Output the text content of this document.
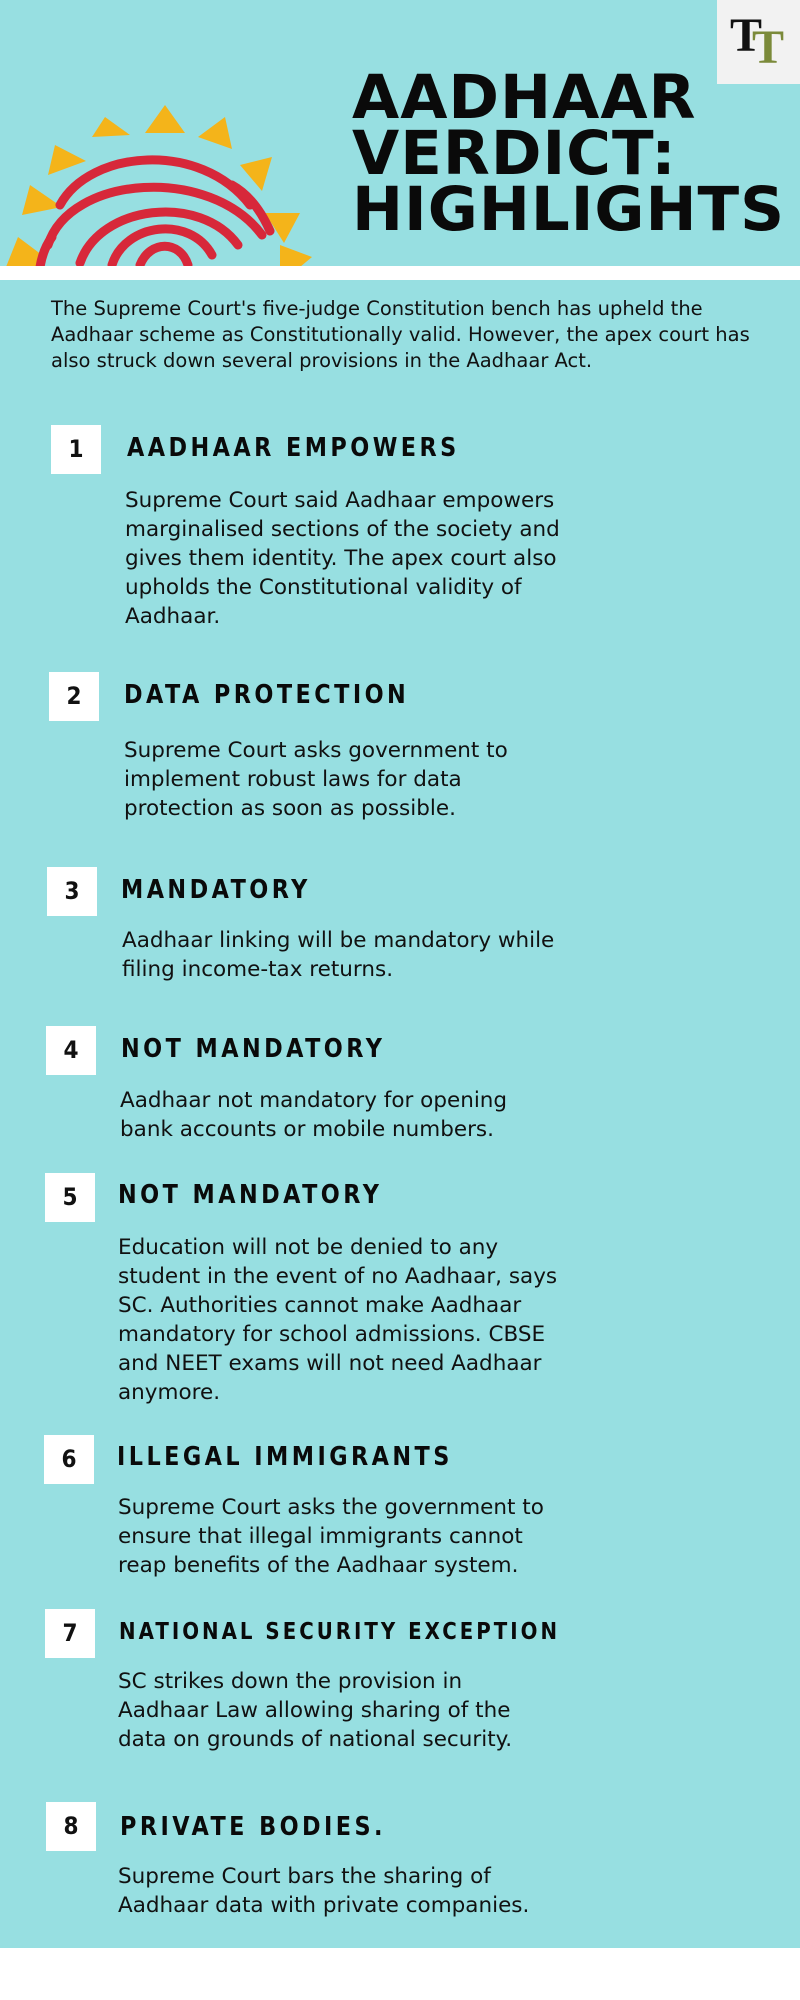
T
T
AADHAAR
VERDICT:
HIGHLIGHTS
The Supreme Court's five-judge Constitution bench has upheld the Aadhaar scheme as Constitutionally valid. However, the apex court has also struck down several provisions in the Aadhaar Act.
1	AADHAAR EMPOWERS
Supreme Court said Aadhaar empowers marginalised sections of the society and gives them identity. The apex court also upholds the Constitutional validity of Aadhaar.
2	DATA PROTECTION
Supreme Court asks government to implement robust laws for data protection as soon as possible.
3	MANDATORY
Aadhaar linking will be mandatory while filing income-tax returns.
4	NOT MANDATORY
Aadhaar not mandatory for opening bank accounts or mobile numbers.
5	NOT MANDATORY
Education will not be denied to any student in the event of no Aadhaar, says SC. Authorities cannot make Aadhaar mandatory for school admissions. CBSE and NEET exams will not need Aadhaar anymore.
6	ILLEGAL IMMIGRANTS
Supreme Court asks the government to ensure that illegal immigrants cannot reap benefits of the Aadhaar system.
7	NATIONAL SECURITY EXCEPTION
SC strikes down the provision in Aadhaar Law allowing sharing of the data on grounds of national security.
8	PRIVATE BODIES.
Supreme Court bars the sharing of Aadhaar data with private companies.
